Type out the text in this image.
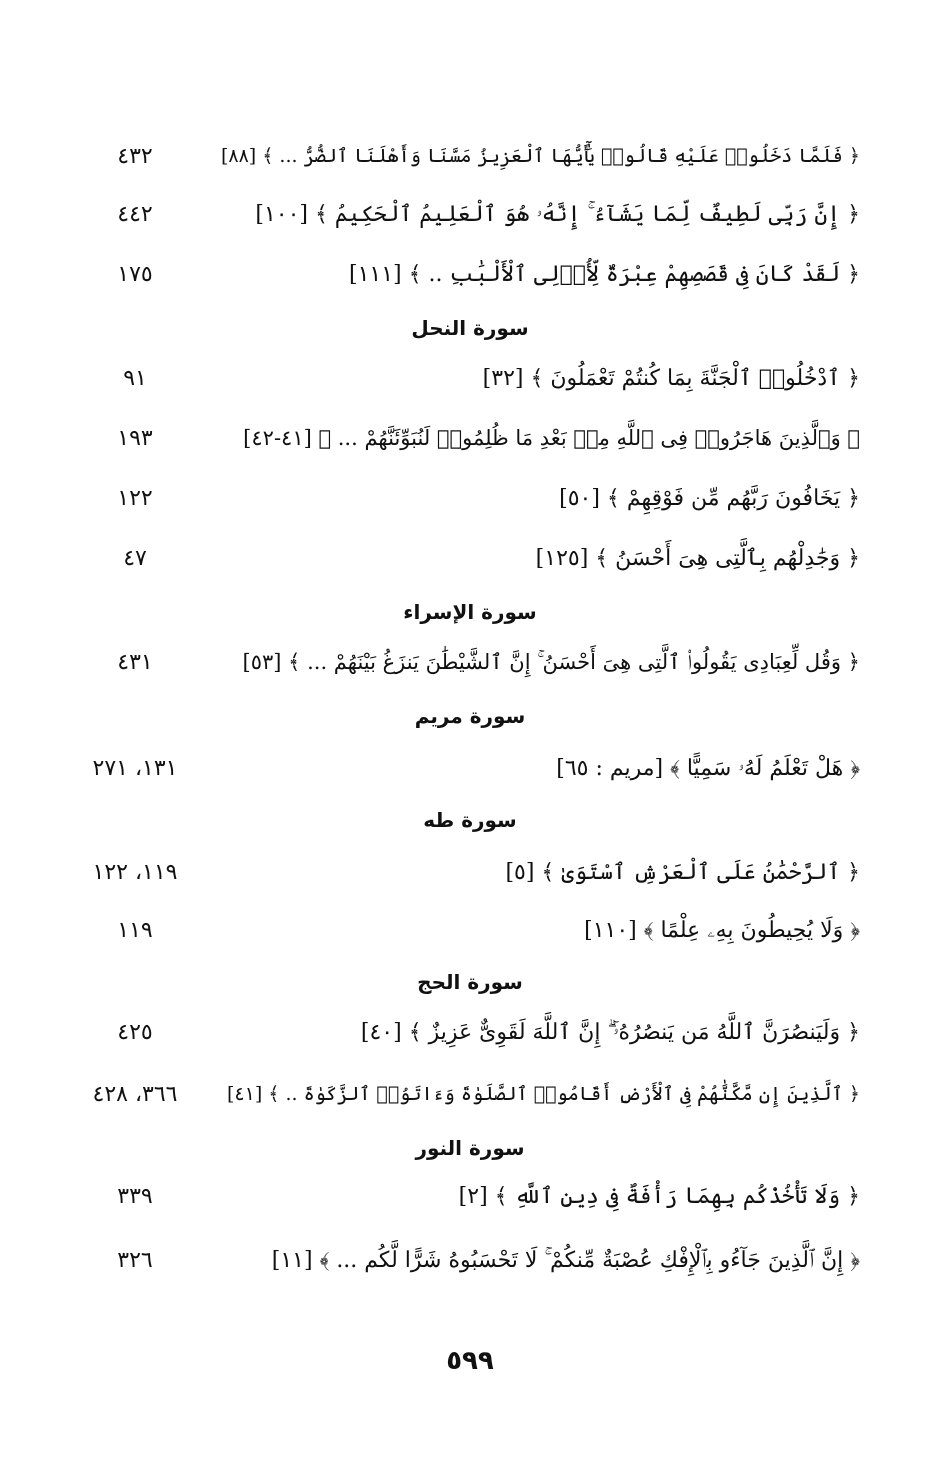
﴿ فَلَمَّا دَخَلُوا۟ عَلَيْهِ قَالُوا۟ يَٰٓأَيُّهَا ٱلْعَزِيزُ مَسَّنَا وَأَهْلَنَا ٱلضُّرُّ ... ﴾ [٨٨]
٤٣٢
﴿ إِنَّ رَبِّى لَطِيفٌ لِّمَا يَشَآءُ ۚ إِنَّهُۥ هُوَ ٱلْعَلِيمُ ٱلْحَكِيمُ ﴾ [١٠٠]
٤٤٢
﴿ لَقَدْ كَانَ فِى قَصَصِهِمْ عِبْرَةٌ لِّأُو۟لِى ٱلْأَلْبَٰبِ .. ﴾ [١١١]
١٧٥
سورة النحل
﴿ ٱدْخُلُوا۟ ٱلْجَنَّةَ بِمَا كُنتُمْ تَعْمَلُونَ ﴾ [٣٢]
٩١
﴿ وَٱلَّذِينَ هَاجَرُوا۟ فِى ٱللَّهِ مِنۢ بَعْدِ مَا ظُلِمُوا۟ لَنُبَوِّئَنَّهُمْ ... ﴾ [٤١-٤٢]
١٩٣
﴿ يَخَافُونَ رَبَّهُم مِّن فَوْقِهِمْ ﴾ [٥٠]
١٢٢
﴿ وَجَٰدِلْهُم بِٱلَّتِى هِىَ أَحْسَنُ ﴾ [١٢٥]
٤٧
سورة الإسراء
﴿ وَقُل لِّعِبَادِى يَقُولُوا۟ ٱلَّتِى هِىَ أَحْسَنُ ۚ إِنَّ ٱلشَّيْطَٰنَ يَنزَغُ بَيْنَهُمْ ... ﴾ [٥٣]
٤٣١
سورة مريم
﴿ هَلْ تَعْلَمُ لَهُۥ سَمِيًّا ﴾ [مريم : ٦٥]
١٣١، ٢٧١
سورة طه
﴿ ٱلرَّحْمَٰنُ عَلَى ٱلْعَرْشِ ٱسْتَوَىٰ ﴾ [٥]
١١٩، ١٢٢
﴿ وَلَا يُحِيطُونَ بِهِۦ عِلْمًا ﴾ [١١٠]
١١٩
سورة الحج
﴿ وَلَيَنصُرَنَّ ٱللَّهُ مَن يَنصُرُهُۥٓ ۗ إِنَّ ٱللَّهَ لَقَوِىٌّ عَزِيزٌ ﴾ [٤٠]
٤٢٥
﴿ ٱلَّذِينَ إِن مَّكَّنَّٰهُمْ فِى ٱلْأَرْضِ أَقَامُوا۟ ٱلصَّلَوٰةَ وَءَاتَوُا۟ ٱلزَّكَوٰةَ .. ﴾ [٤١]
٣٦٦، ٤٢٨
سورة النور
﴿ وَلَا تَأْخُذْكُم بِهِمَا رَأْفَةٌ فِى دِينِ ٱللَّهِ ﴾ [٢]
٣٣٩
﴿ إِنَّ ٱلَّذِينَ جَآءُو بِٱلْإِفْكِ عُصْبَةٌ مِّنكُمْ ۚ لَا تَحْسَبُوهُ شَرًّا لَّكُم ... ﴾ [١١]
٣٢٦
٥٩٩
